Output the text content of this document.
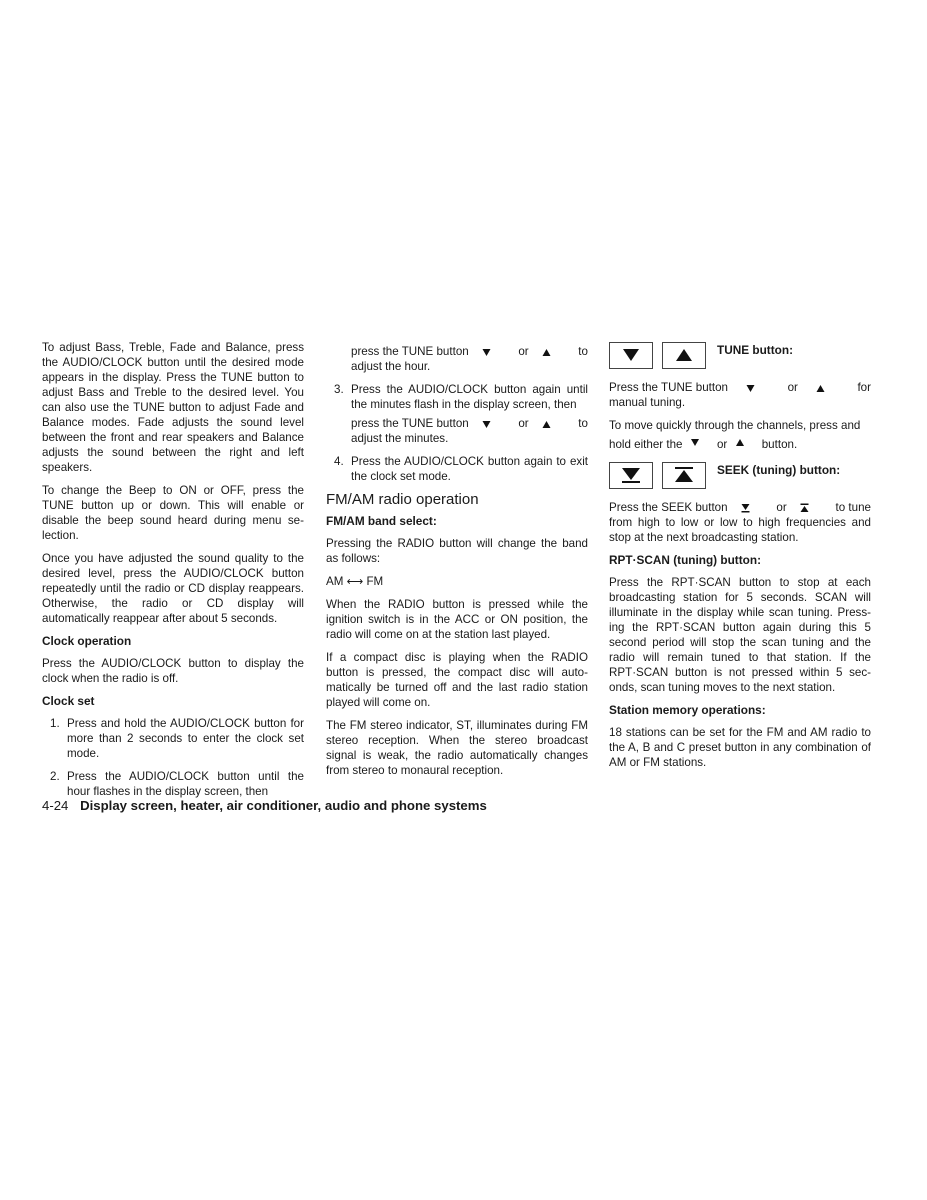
To adjust Bass, Treble, Fade and Balance, press the AUDIO/CLOCK button until the desired mode appears in the display. Press the TUNE button to adjust Bass and Treble to the desired level. You can also use the TUNE button to adjust Fade and Balance modes. Fade adjusts the sound level between the front and rear speakers and Balance adjusts the sound between the right and left speakers.

To change the Beep to ON or OFF, press the TUNE button up or down. This will enable or disable the beep sound heard during menu selection.

Once you have adjusted the sound quality to the desired level, press the AUDIO/CLOCK button repeatedly until the radio or CD display reappears. Otherwise, the radio or CD display will automatically reappear after about 5 seconds.

Clock operation

Press the AUDIO/CLOCK button to display the clock when the radio is off.

Clock set
1. Press and hold the AUDIO/CLOCK button for more than 2 seconds to enter the clock set mode.
2. Press the AUDIO/CLOCK button until the hour flashes in the display screen, then
press the TUNE button	or	to
adjust the hour.
3. Press the AUDIO/CLOCK button again until the minutes flash in the display screen, then
press the TUNE button	or	to
adjust the minutes.
4. Press the AUDIO/CLOCK button again to exit the clock set mode.
FM/AM radio operation
FM/AM band select:

Pressing the RADIO button will change the band as follows:

AM ⟷ FM

When the RADIO button is pressed while the ignition switch is in the ACC or ON position, the radio will come on at the station last played.

If a compact disc is playing when the RADIO button is pressed, the compact disc will automatically be turned off and the last radio station played will come on.

The FM stereo indicator, ST, illuminates during FM stereo reception. When the stereo broadcast signal is weak, the radio automatically changes from stereo to monaural reception.

TUNE button:
Press the TUNE button	or	for

manual tuning.

To move quickly through the channels, press and
hold either the	or	button.
SEEK (tuning) button:
Press the SEEK button	or	to tune

from high to low or low to high frequencies and stop at the next broadcasting station.

RPT·SCAN (tuning) button:

Press the RPT·SCAN button to stop at each broadcasting station for 5 seconds. SCAN will illuminate in the display while scan tuning. Pressing the RPT·SCAN button again during this 5 second period will stop the scan tuning and the radio will remain tuned to that station. If the RPT·SCAN button is not pressed within 5 seconds, scan tuning moves to the next station.

Station memory operations:

18 stations can be set for the FM and AM radio to the A, B and C preset button in any combination of AM or FM stations.

4-24 Display screen, heater, air conditioner, audio and phone systems
